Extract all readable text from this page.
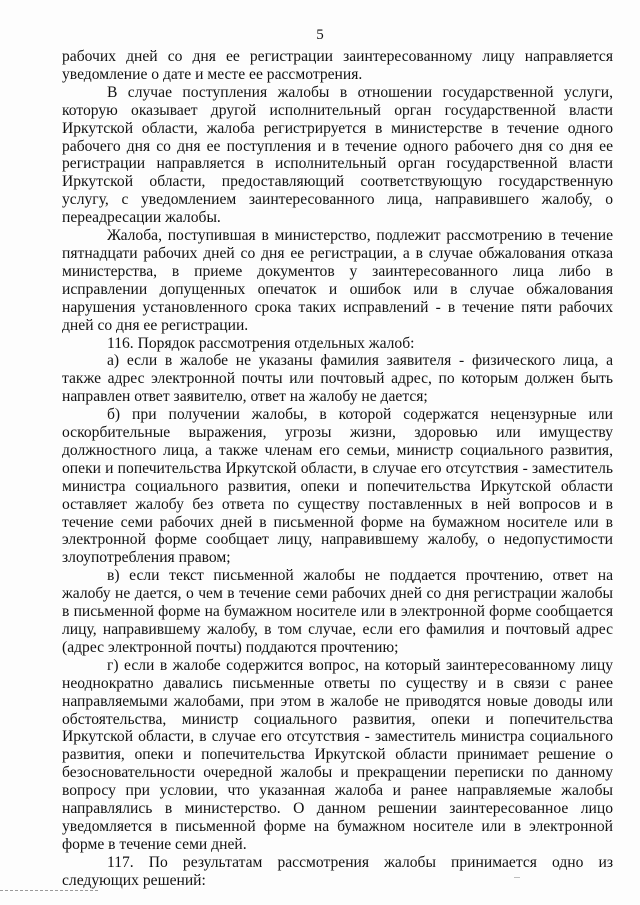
5

рабочих дней со дня ее регистрации заинтересованному лицу направляется уведомление о дате и месте ее рассмотрения.

В случае поступления жалобы в отношении государственной услуги, которую оказывает другой исполнительный орган государственной власти Иркутской области, жалоба регистрируется в министерстве в течение одного рабочего дня со дня ее поступления и в течение одного рабочего дня со дня ее регистрации направляется в исполнительный орган государственной власти Иркутской области, предоставляющий соответствующую государственную услугу, с уведомлением заинтересованного лица, направившего жалобу, о переадресации жалобы.

Жалоба, поступившая в министерство, подлежит рассмотрению в течение пятнадцати рабочих дней со дня ее регистрации, а в случае обжалования отказа министерства, в приеме документов у заинтересованного лица либо в исправлении допущенных опечаток и ошибок или в случае обжалования нарушения установленного срока таких исправлений - в течение пяти рабочих дней со дня ее регистрации.

116. Порядок рассмотрения отдельных жалоб:

а) если в жалобе не указаны фамилия заявителя - физического лица, а также адрес электронной почты или почтовый адрес, по которым должен быть направлен ответ заявителю, ответ на жалобу не дается;

б) при получении жалобы, в которой содержатся нецензурные или оскорбительные выражения, угрозы жизни, здоровью или имуществу должностного лица, а также членам его семьи, министр социального развития, опеки и попечительства Иркутской области, в случае его отсутствия - заместитель министра социального развития, опеки и попечительства Иркутской области оставляет жалобу без ответа по существу поставленных в ней вопросов и в течение семи рабочих дней в письменной форме на бумажном носителе или в электронной форме сообщает лицу, направившему жалобу, о недопустимости злоупотребления правом;

в) если текст письменной жалобы не поддается прочтению, ответ на жалобу не дается, о чем в течение семи рабочих дней со дня регистрации жалобы в письменной форме на бумажном носителе или в электронной форме сообщается лицу, направившему жалобу, в том случае, если его фамилия и почтовый адрес (адрес электронной почты) поддаются прочтению;

г) если в жалобе содержится вопрос, на который заинтересованному лицу неоднократно давались письменные ответы по существу и в связи с ранее направляемыми жалобами, при этом в жалобе не приводятся новые доводы или обстоятельства, министр социального развития, опеки и попечительства Иркутской области, в случае его отсутствия - заместитель министра социального развития, опеки и попечительства Иркутской области принимает решение о безосновательности очередной жалобы и прекращении переписки по данному вопросу при условии, что указанная жалоба и ранее направляемые жалобы направлялись в министерство. О данном решении заинтересованное лицо уведомляется в письменной форме на бумажном носителе или в электронной форме в течение семи дней.

117. По результатам рассмотрения жалобы принимается одно из следующих решений:
